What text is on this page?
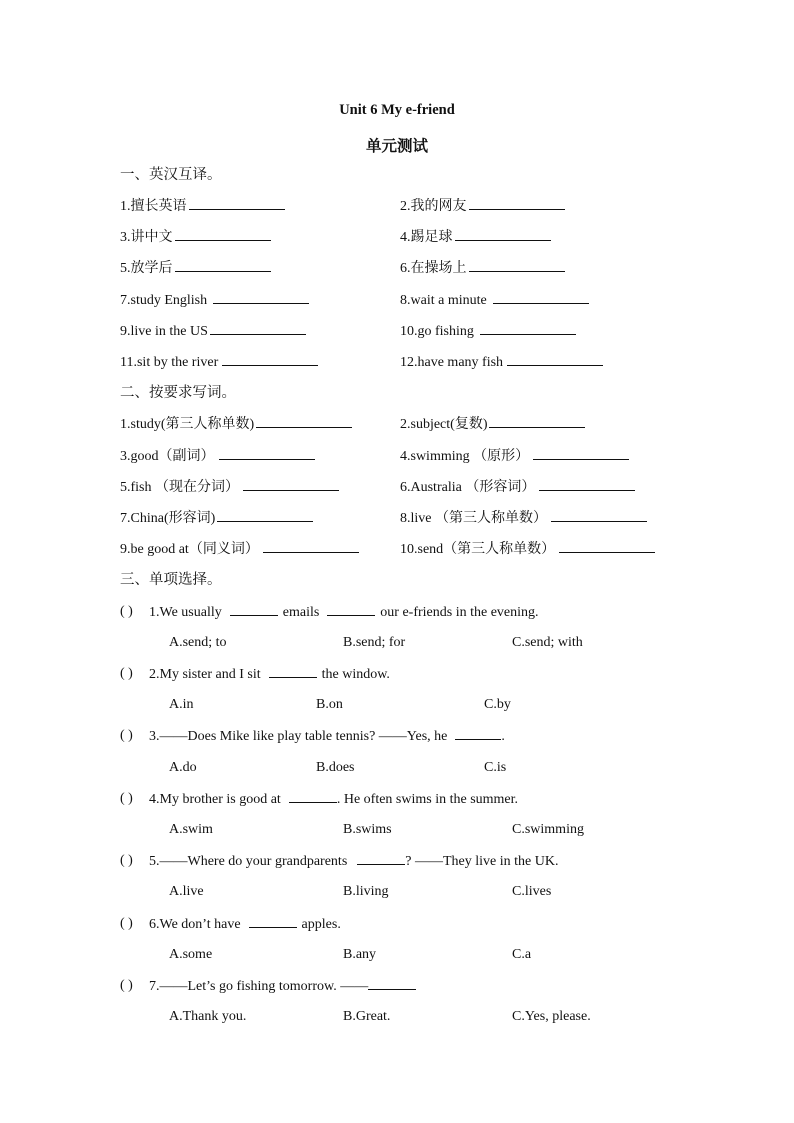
Unit 6 My e-friend
单元测试
一、英汉互译。
1.擅长英语	2.我的网友
3.讲中文	4.踢足球
5.放学后	6.在操场上
7.study English	8.wait a minute
9.live in the US	10.go fishing
11.sit by the river	12.have many fish
二、按要求写词。
1.study(第三人称单数)	2.subject(复数)
3.good（副词）	4.swimming （原形）
5.fish （现在分词）	6.Australia （形容词）
7.China(形容词)	8.live （第三人称单数）
9.be good at（同义词）	10.send（第三人称单数）
三、单项选择。
( ) 1.We usually	emails	our e-friends in the evening.
A.send; to	B.send; for	C.send; with
( ) 2.My sister and I sit	the window.
A.in	B.on	C.by
( ) 3.——Does Mike like play table tennis? ——Yes, he	.
A.do	B.does	C.is
( ) 4.My brother is good at	. He often swims in the summer.
A.swim	B.swims	C.swimming
( ) 5.——Where do your grandparents	? ——They live in the UK.
A.live	B.living	C.lives
( ) 6.We don’t have	apples.
A.some	B.any	C.a
( ) 7.——Let’s go fishing tomorrow. ——
A.Thank you.	B.Great.	C.Yes, please.
